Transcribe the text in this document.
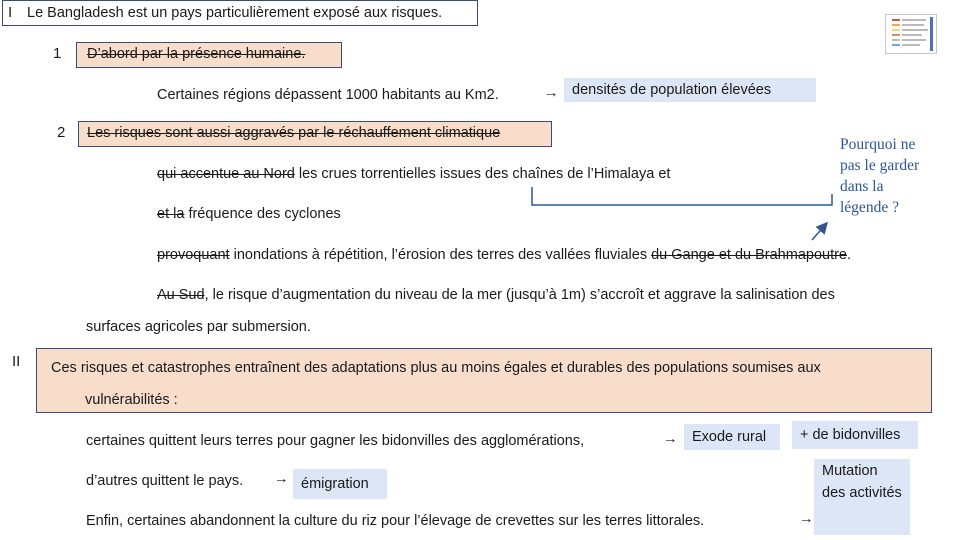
I Le Bangladesh est un pays particulièrement exposé aux risques.
1 D’abord par la présence humaine.
Certaines régions dépassent 1000 habitants au Km2.	→ densités de population élevées
2 Les risques sont aussi aggravés par le réchauffement climatique
qui accentue au Nord les crues torrentielles issues des chaînes de l’Himalaya et
et la fréquence des cyclones
provoquant inondations à répétition, l’érosion des terres des vallées fluviales du Gange et du Brahmapoutre.
Au Sud, le risque d’augmentation du niveau de la mer (jusqu’à 1m) s’accroît et aggrave la salinisation des
surfaces agricoles par submersion.
Pourquoi ne pas le garder dans la légende ?
II Ces risques et catastrophes entraînent des adaptations plus au moins égales et durables des populations soumises aux
vulnérabilités :
certaines quittent leurs terres pour gagner les bidonvilles des agglomérations,	→	Exode rural	+ de bidonvilles
d’autres quittent le pays. → émigration
Enfin, certaines abandonnent la culture du riz pour l’élevage de crevettes sur les terres littorales.	→
Mutation des activités
